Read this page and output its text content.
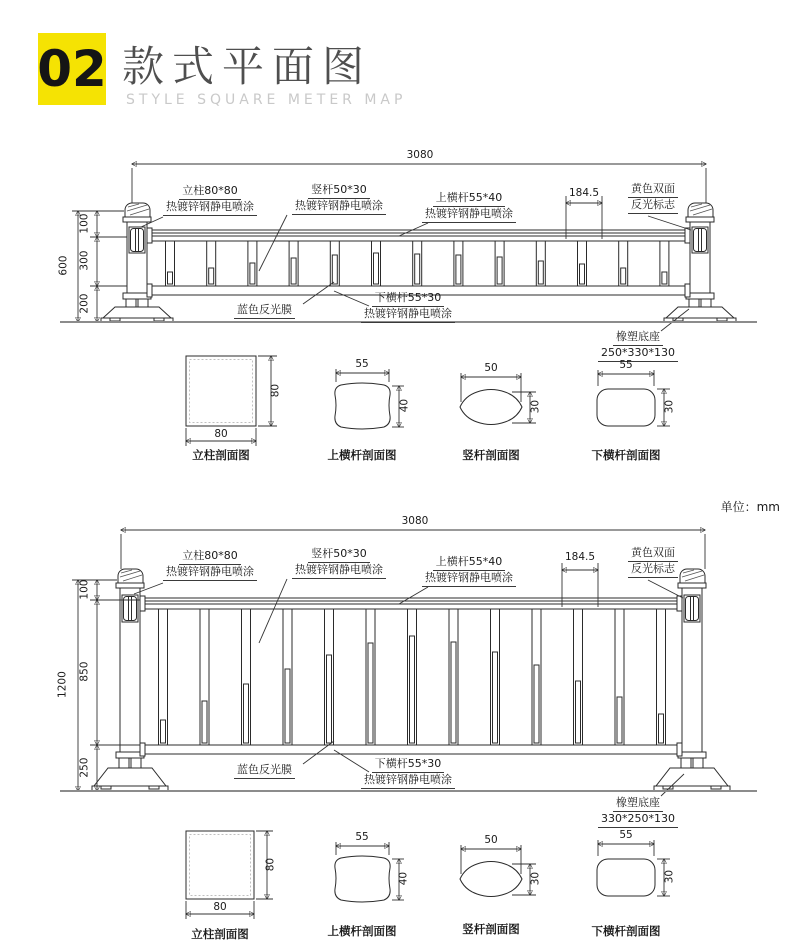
02 款式平面图
STYLE SQUARE METER MAP
3080
立柱80*80
热镀锌钢静电喷涂
竖杆50*30
热镀锌钢静电喷涂
上横杆55*40
热镀锌钢静电喷涂
184.5	黄色双面
反光标志
100
300
200
600
蓝色反光膜
下横杆55*30
热镀锌钢静电喷涂
橡塑底座
250*330*130
80
80
立柱剖面图
55
40
上横杆剖面图
50
30
竖杆剖面图
55
30
下横杆剖面图
单位：mm
3080
立柱80*80
热镀锌钢静电喷涂
竖杆50*30
热镀锌钢静电喷涂
上横杆55*40
热镀锌钢静电喷涂
184.5	黄色双面
反光标志
100
850
250
1200
蓝色反光膜	下横杆55*30
热镀锌钢静电喷涂
橡塑底座
330*250*130
80
80
立柱剖面图
55
40
上横杆剖面图
50
30
竖杆剖面图
55
30
下横杆剖面图
